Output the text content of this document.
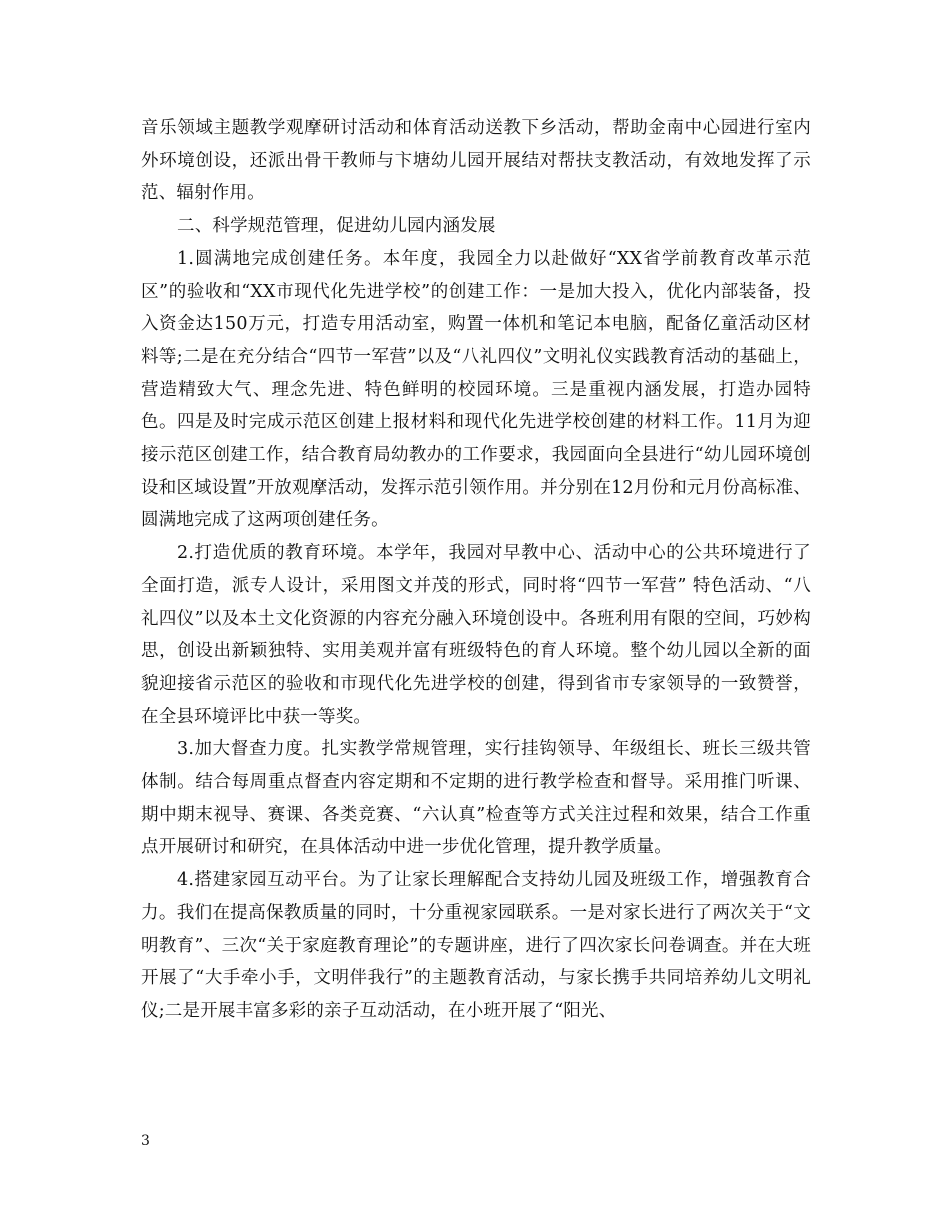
音乐领域主题教学观摩研讨活动和体育活动送教下乡活动，帮助金南中心园进行室内外环境创设，还派出骨干教师与卞塘幼儿园开展结对帮扶支教活动，有效地发挥了示范、辐射作用。

二、科学规范管理，促进幼儿园内涵发展

1.圆满地完成创建任务。本年度，我园全力以赴做好“XX省学前教育改革示范区”的验收和“XX市现代化先进学校”的创建工作：一是加大投入，优化内部装备，投入资金达150万元，打造专用活动室，购置一体机和笔记本电脑，配备亿童活动区材料等;二是在充分结合“四节一军营”以及“八礼四仪”文明礼仪实践教育活动的基础上，营造精致大气、理念先进、特色鲜明的校园环境。三是重视内涵发展，打造办园特色。四是及时完成示范区创建上报材料和现代化先进学校创建的材料工作。11月为迎接示范区创建工作，结合教育局幼教办的工作要求，我园面向全县进行“幼儿园环境创设和区域设置”开放观摩活动，发挥示范引领作用。并分别在12月份和元月份高标准、圆满地完成了这两项创建任务。

2.打造优质的教育环境。本学年，我园对早教中心、活动中心的公共环境进行了全面打造，派专人设计，采用图文并茂的形式，同时将“四节一军营” 特色活动、“八礼四仪”以及本土文化资源的内容充分融入环境创设中。各班利用有限的空间，巧妙构思，创设出新颖独特、实用美观并富有班级特色的育人环境。整个幼儿园以全新的面貌迎接省示范区的验收和市现代化先进学校的创建，得到省市专家领导的一致赞誉，在全县环境评比中获一等奖。

3.加大督查力度。扎实教学常规管理，实行挂钩领导、年级组长、班长三级共管体制。结合每周重点督查内容定期和不定期的进行教学检查和督导。采用推门听课、期中期末视导、赛课、各类竞赛、“六认真”检查等方式关注过程和效果，结合工作重点开展研讨和研究，在具体活动中进一步优化管理，提升教学质量。

4.搭建家园互动平台。为了让家长理解配合支持幼儿园及班级工作，增强教育合力。我们在提高保教质量的同时，十分重视家园联系。一是对家长进行了两次关于“文明教育”、三次“关于家庭教育理论”的专题讲座，进行了四次家长问卷调查。并在大班开展了“大手牵小手，文明伴我行”的主题教育活动，与家长携手共同培养幼儿文明礼仪;二是开展丰富多彩的亲子互动活动，在小班开展了“阳光、

3
